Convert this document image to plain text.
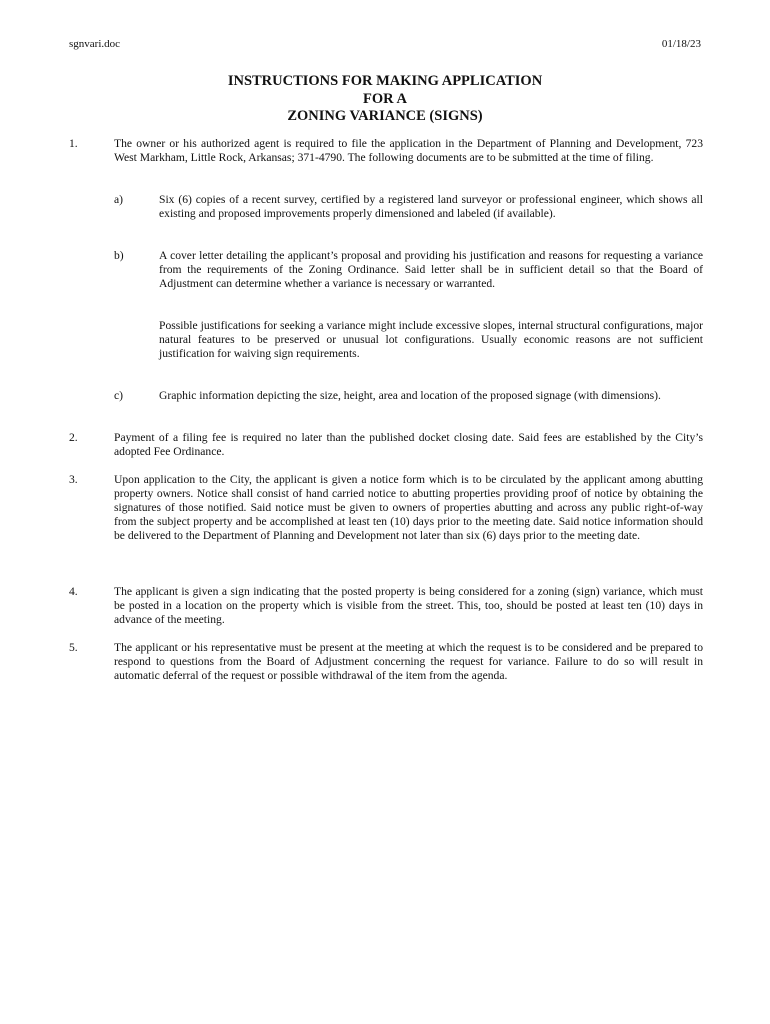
sgnvari.doc	01/18/23
INSTRUCTIONS FOR MAKING APPLICATION
FOR A
ZONING VARIANCE (SIGNS)
1.	The owner or his authorized agent is required to file the application in the Department of Planning and Development, 723 West Markham, Little Rock, Arkansas; 371-4790. The following documents are to be submitted at the time of filing.
a)	Six (6) copies of a recent survey, certified by a registered land surveyor or professional engineer, which shows all existing and proposed improvements properly dimensioned and labeled (if available).
b)	A cover letter detailing the applicant’s proposal and providing his justification and reasons for requesting a variance from the requirements of the Zoning Ordinance. Said letter shall be in sufficient detail so that the Board of Adjustment can determine whether a variance is necessary or warranted.
Possible justifications for seeking a variance might include excessive slopes, internal structural configurations, major natural features to be preserved or unusual lot configurations. Usually economic reasons are not sufficient justification for waiving sign requirements.
c)	Graphic information depicting the size, height, area and location of the proposed signage (with dimensions).
2.	Payment of a filing fee is required no later than the published docket closing date. Said fees are established by the City’s adopted Fee Ordinance.
3.	Upon application to the City, the applicant is given a notice form which is to be circulated by the applicant among abutting property owners. Notice shall consist of hand carried notice to abutting properties providing proof of notice by obtaining the signatures of those notified. Said notice must be given to owners of properties abutting and across any public right-of-way from the subject property and be accomplished at least ten (10) days prior to the meeting date. Said notice information should be delivered to the Department of Planning and Development not later than six (6) days prior to the meeting date.
4.	The applicant is given a sign indicating that the posted property is being considered for a zoning (sign) variance, which must be posted in a location on the property which is visible from the street. This, too, should be posted at least ten (10) days in advance of the meeting.
5.	The applicant or his representative must be present at the meeting at which the request is to be considered and be prepared to respond to questions from the Board of Adjustment concerning the request for variance. Failure to do so will result in automatic deferral of the request or possible withdrawal of the item from the agenda.
